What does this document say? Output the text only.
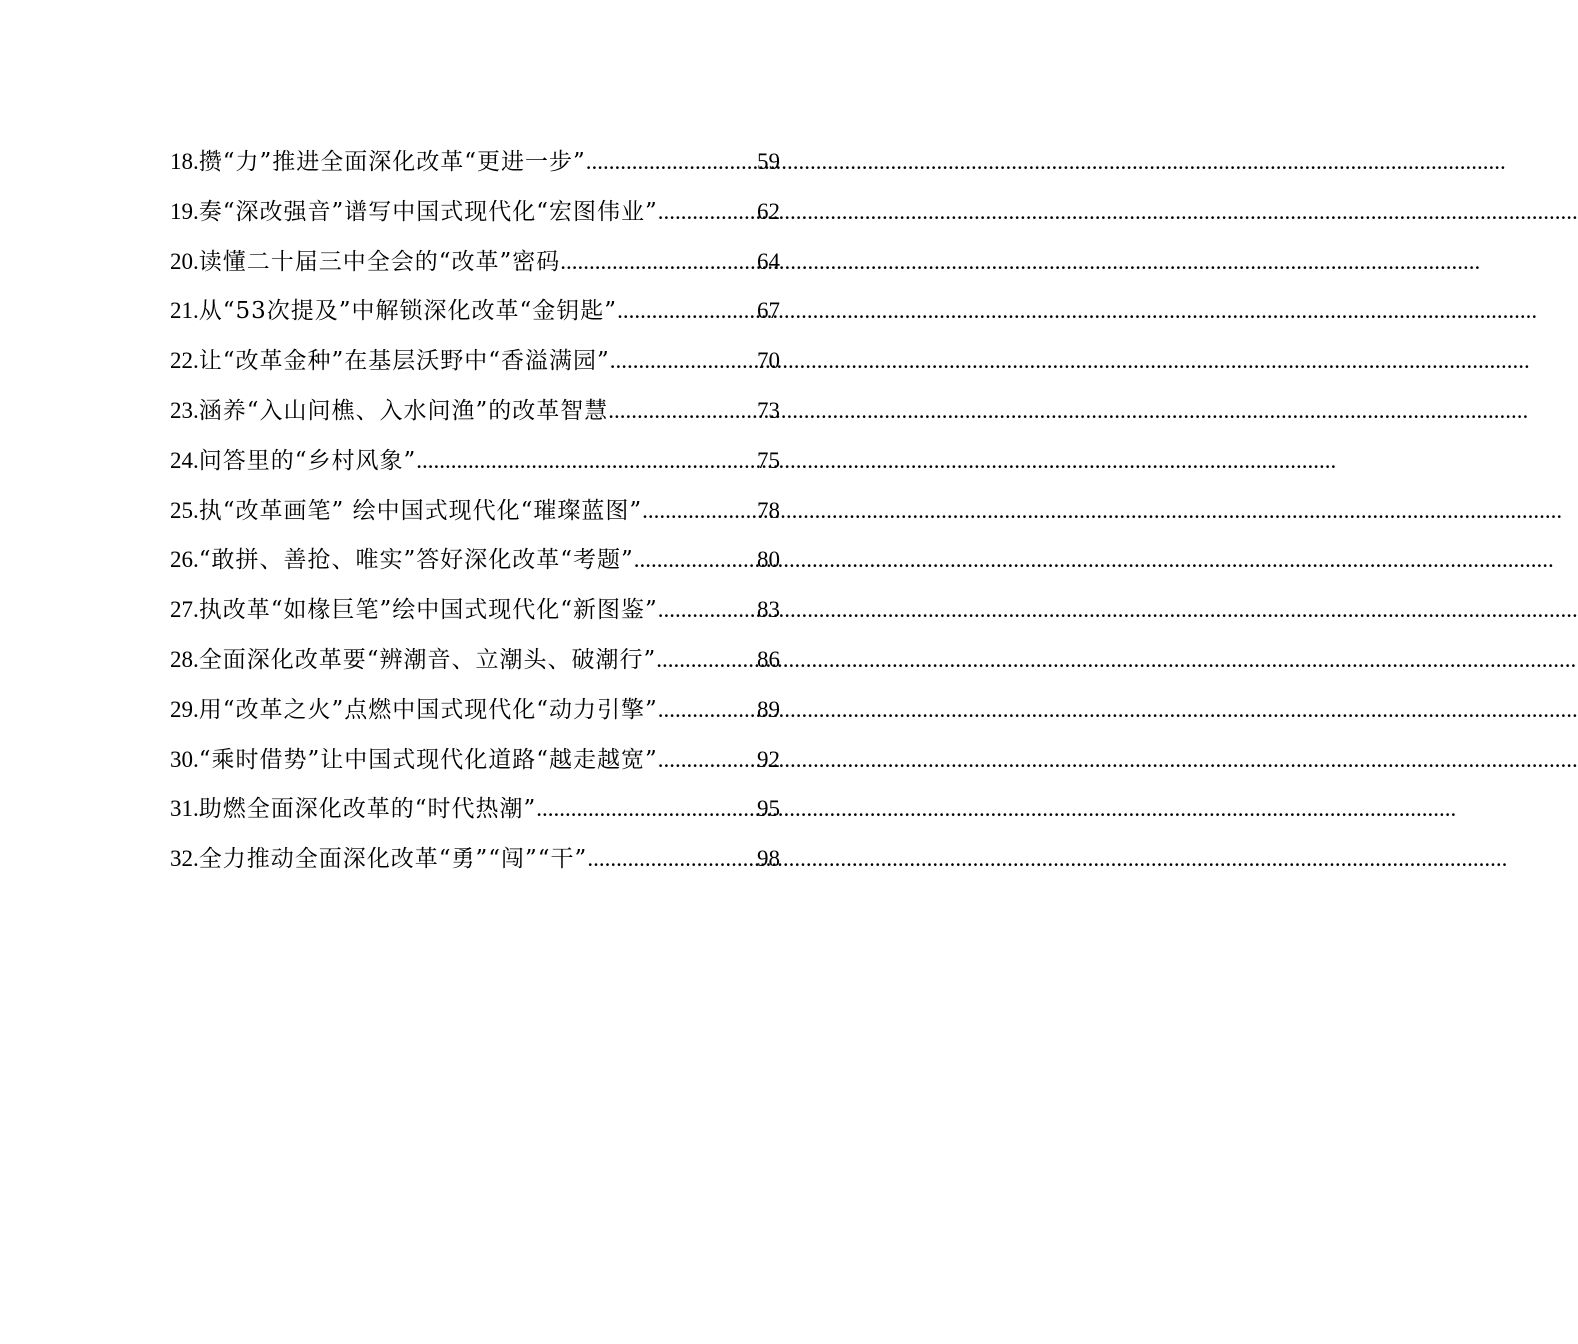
18. 攒“力”推进全面深化改革“更进一步” .....	59
19. 奏“深改强音”谱写中国式现代化“宏图伟业” .....	62
20. 读懂二十届三中全会的“改革”密码 .....	64
21. 从“53次提及”中解锁深化改革“金钥匙” .....	67
22. 让“改革金种”在基层沃野中“香溢满园” .....	70
23. 涵养“入山问樵、入水问渔”的改革智慧 .....	73
24. 问答里的“乡村风象” .....	75
25. 执“改革画笔” 绘中国式现代化“璀璨蓝图” .....	78
26. “敢拼、善抢、唯实”答好深化改革“考题” .....	80
27. 执改革“如椽巨笔”绘中国式现代化“新图鉴” .....	83
28. 全面深化改革要“辨潮音、立潮头、破潮行” .....	86
29. 用“改革之火”点燃中国式现代化“动力引擎” .....	89
30. “乘时借势”让中国式现代化道路“越走越宽” .....	92
31. 助燃全面深化改革的“时代热潮” .....	95
32. 全力推动全面深化改革“勇”“闯”“干” .....	98
